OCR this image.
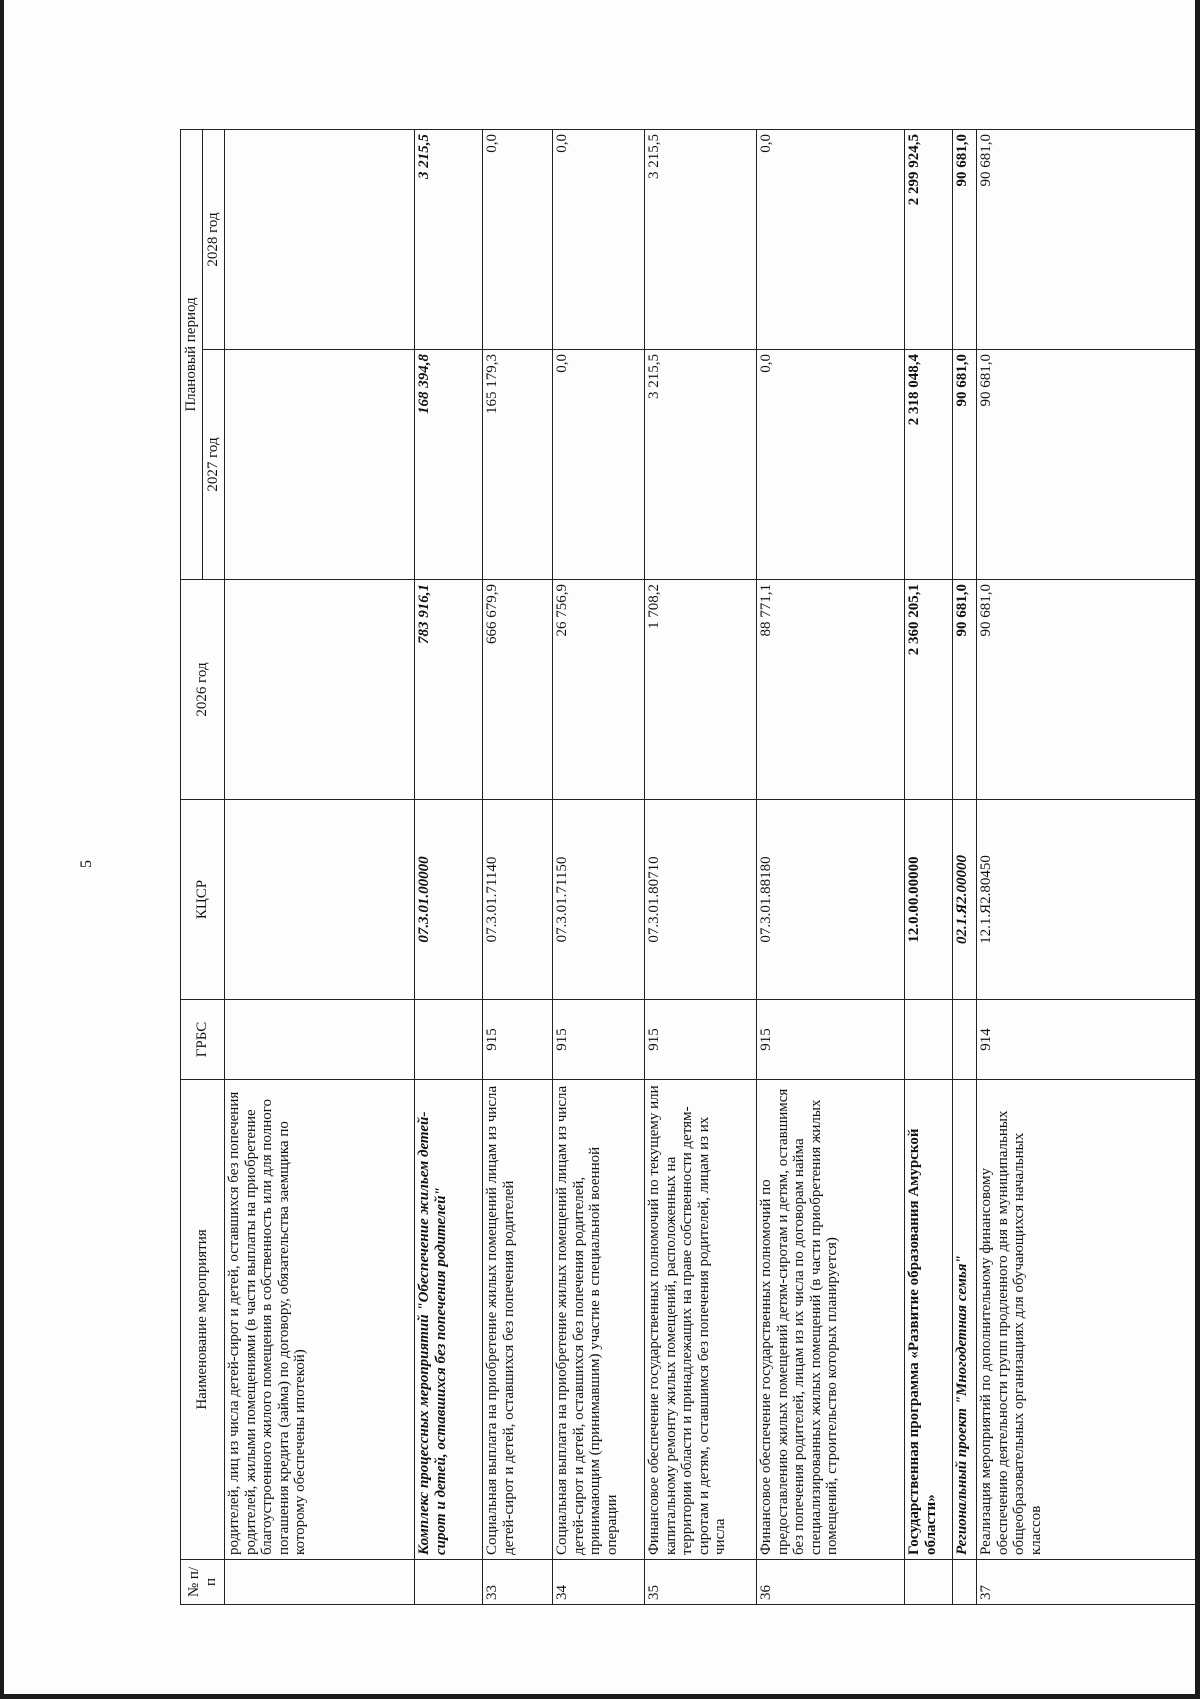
5
№ п/п	Наименование мероприятия	ГРБС	КЦСР	2026 год	Плановый период	
					2027 год	2028 год
	родителей, лиц из числа детей-сирот и детей, оставшихся без попечения родителей, жилыми помещениями (в части выплаты на приобретение благоустроенного жилого помещения в собственность или для полного погашения кредита (займа) по договору, обязательства заемщика по которому обеспечены ипотекой)					
	Комплекс процессных мероприятий "Обеспечение жильем детей-сирот и детей, оставшихся без попечения родителей"		07.3.01.00000	783 916,1	168 394,8	3 215,5
33	Социальная выплата на приобретение жилых помещений лицам из числа детей-сирот и детей, оставшихся без попечения родителей	915	07.3.01.71140	666 679,9	165 179,3	0,0
34	Социальная выплата на приобретение жилых помещений лицам из числа детей-сирот и детей, оставшихся без попечения родителей, принимающим (принимавшим) участие в специальной военной операции	915	07.3.01.71150	26 756,9	0,0	0,0
35	Финансовое обеспечение государственных полномочий по текущему или капитальному ремонту жилых помещений, расположенных на территории области и принадлежащих на праве собственности детям-сиротам и детям, оставшимся без попечения родителей, лицам из их числа	915	07.3.01.80710	1 708,2	3 215,5	3 215,5
36	Финансовое обеспечение государственных полномочий по предоставлению жилых помещений детям-сиротам и детям, оставшимся без попечения родителей, лицам из их числа по договорам найма специализированных жилых помещений (в части приобретения жилых помещений, строительство которых планируется)	915	07.3.01.88180	88 771,1	0,0	0,0
	Государственная программа «Развитие образования Амурской области»		12.0.00.00000	2 360 205,1	2 318 048,4	2 299 924,5
	Региональный проект "Многодетная семья"		02.1.Я2.00000	90 681,0	90 681,0	90 681,0
37	Реализация мероприятий по дополнительному финансовому обеспечению деятельности групп продленного дня в муниципальных общеобразовательных организациях для обучающихся начальных классов	914	12.1.Я2.80450	90 681,0	90 681,0	90 681,0
